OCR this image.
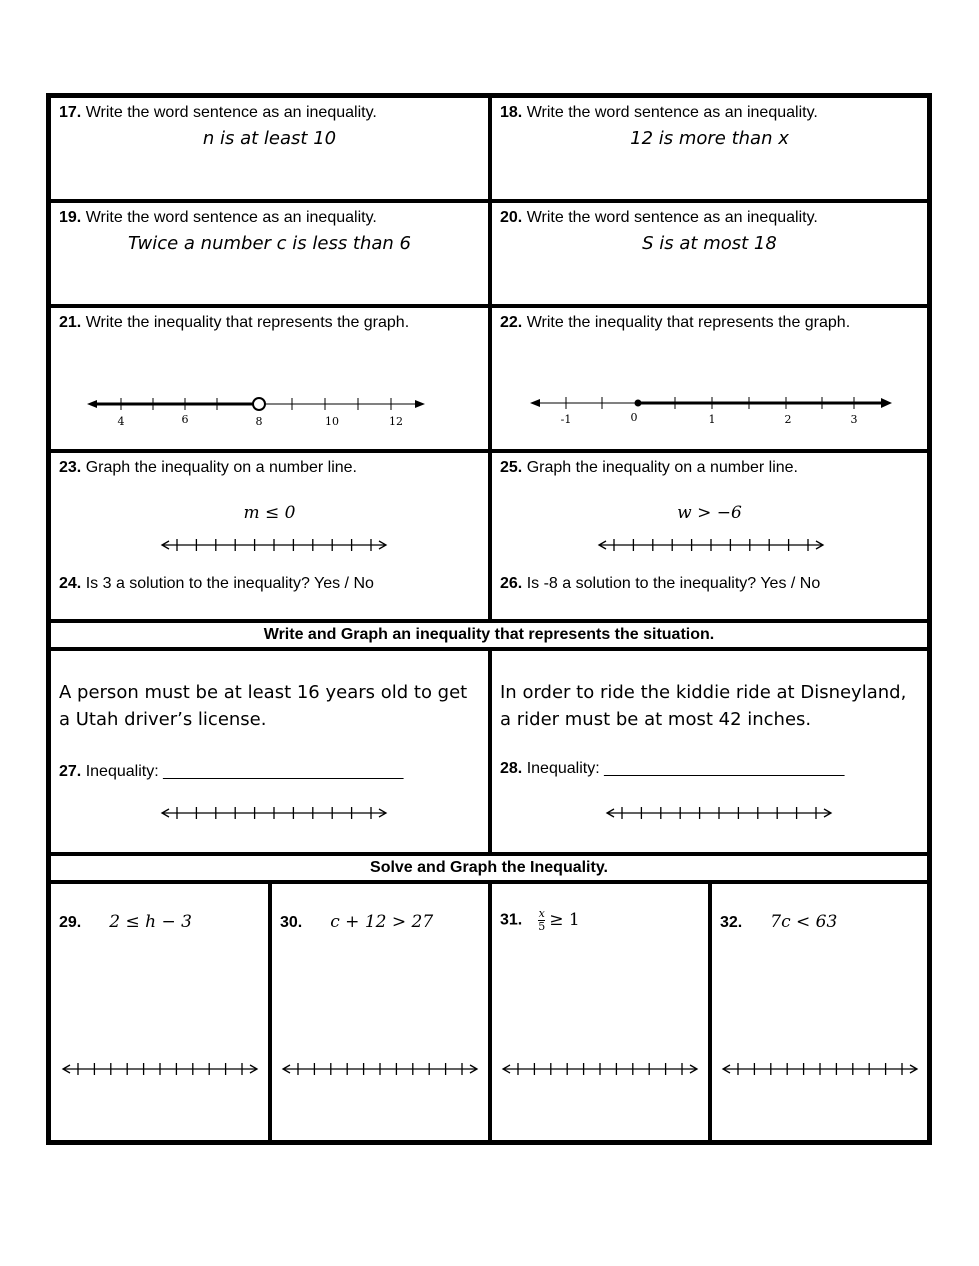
17. Write the word sentence as an inequality.
n is at least 10
18. Write the word sentence as an inequality.
12 is more than x
19. Write the word sentence as an inequality.
Twice a number c is less than 6
20. Write the word sentence as an inequality.
S is at most 18
21. Write the inequality that represents the graph.
4	6	8	10	12
22. Write the inequality that represents the graph.
-1	0	1	2	3
23. Graph the inequality on a number line.
m ≤ 0
24. Is 3 a solution to the inequality? Yes / No
25. Graph the inequality on a number line.
w > −6
26. Is -8 a solution to the inequality? Yes / No
Write and Graph an inequality that represents the situation.
A person must be at least 16 years old to get a Utah driver’s license.
27. Inequality: ___________________________
In order to ride the kiddie ride at Disneyland, a rider must be at most 42 inches.
28. Inequality: ___________________________
Solve and Graph the Inequality.
29. 2 ≤ h − 3	30. c + 12 > 27	31. $\frac{x}{5} \ge 1$	32. 7c < 63
